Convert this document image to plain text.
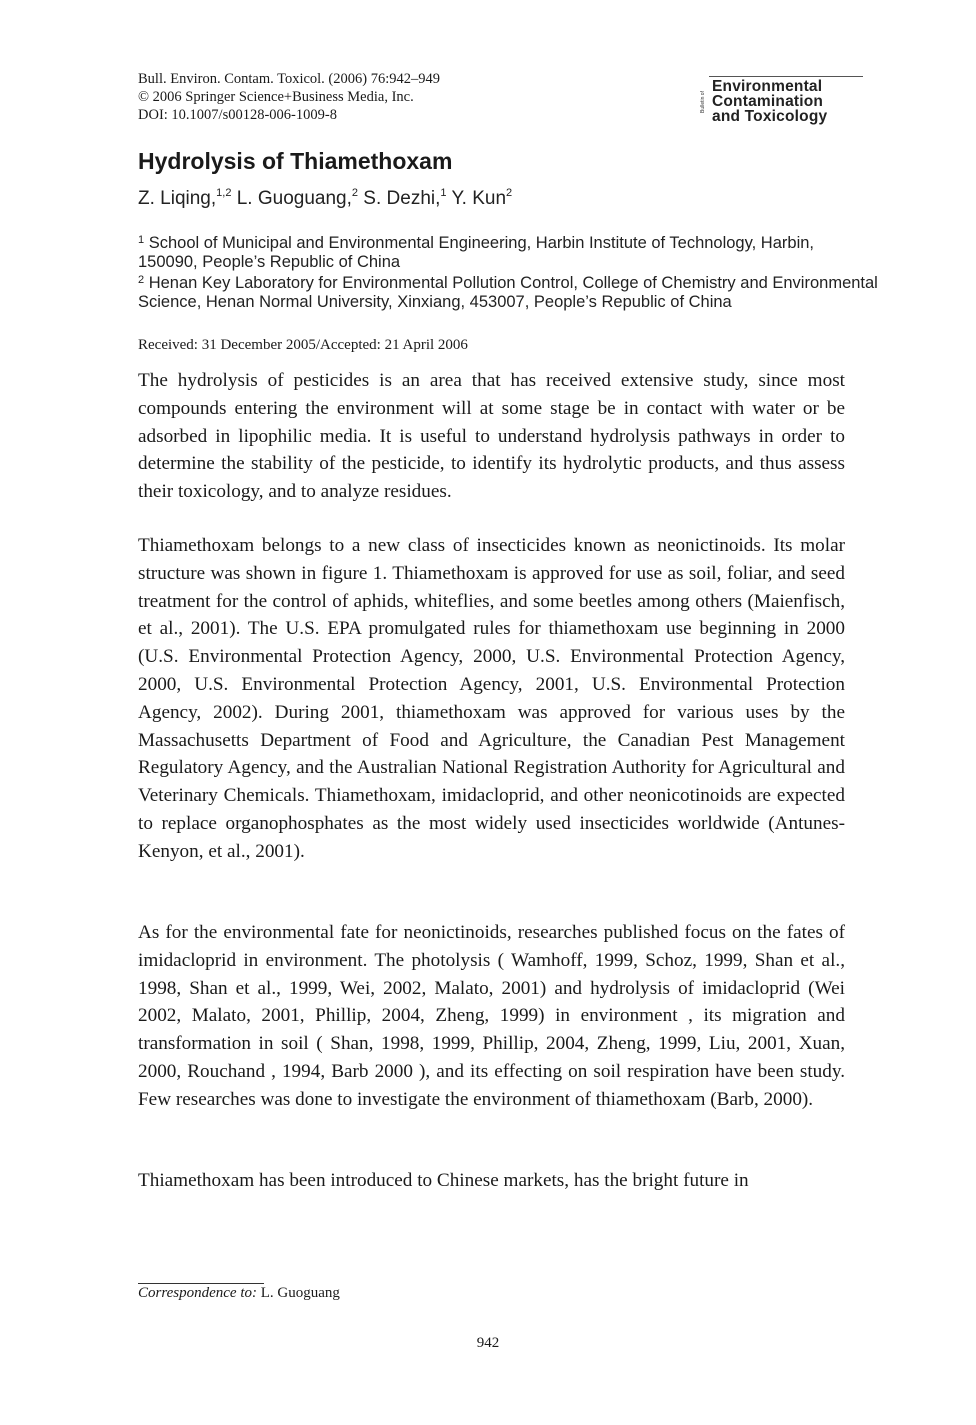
Bull. Environ. Contam. Toxicol. (2006) 76:942–949
© 2006 Springer Science+Business Media, Inc.
DOI: 10.1007/s00128-006-1009-8
Bulletin of
Environmental
Contamination
and Toxicology
Hydrolysis of Thiamethoxam
Z. Liqing,$^{1,2}$ L. Guoguang,$^2$ S. Dezhi,$^1$ Y. Kun$^2$
$^1$ School of Municipal and Environmental Engineering, Harbin Institute of Technology, Harbin, 150090, People’s Republic of China
$^2$ Henan Key Laboratory for Environmental Pollution Control, College of Chemistry and Environmental Science, Henan Normal University, Xinxiang, 453007, People’s Republic of China
Received: 31 December 2005/Accepted: 21 April 2006
The hydrolysis of pesticides is an area that has received extensive study, since most compounds entering the environment will at some stage be in contact with water or be adsorbed in lipophilic media. It is useful to understand hydrolysis pathways in order to determine the stability of the pesticide, to identify its hydrolytic products, and thus assess their toxicology, and to analyze residues.
Thiamethoxam belongs to a new class of insecticides known as neonictinoids. Its molar structure was shown in figure 1. Thiamethoxam is approved for use as soil, foliar, and seed treatment for the control of aphids, whiteflies, and some beetles among others (Maienfisch, et al., 2001). The U.S. EPA promulgated rules for thiamethoxam use beginning in 2000 (U.S. Environmental Protection Agency, 2000, U.S. Environmental Protection Agency, 2000, U.S. Environmental Protection Agency, 2001, U.S. Environmental Protection Agency, 2002). During 2001, thiamethoxam was approved for various uses by the Massachusetts Department of Food and Agriculture, the Canadian Pest Management Regulatory Agency, and the Australian National Registration Authority for Agricultural and Veterinary Chemicals. Thiamethoxam, imidacloprid, and other neonicotinoids are expected to replace organophosphates as the most widely used insecticides worldwide (Antunes-Kenyon, et al., 2001).
As for the environmental fate for neonictinoids, researches published focus on the fates of imidacloprid in environment. The photolysis ( Wamhoff, 1999, Schoz, 1999, Shan et al., 1998, Shan et al., 1999, Wei, 2002, Malato, 2001) and hydrolysis of imidacloprid (Wei 2002, Malato, 2001, Phillip, 2004, Zheng, 1999) in environment , its migration and transformation in soil ( Shan, 1998, 1999, Phillip, 2004, Zheng, 1999, Liu, 2001, Xuan, 2000, Rouchand , 1994, Barb 2000 ), and its effecting on soil respiration have been study. Few researches was done to investigate the environment of thiamethoxam (Barb, 2000).
Thiamethoxam has been introduced to Chinese markets, has the bright future in
Correspondence to: L. Guoguang
942
